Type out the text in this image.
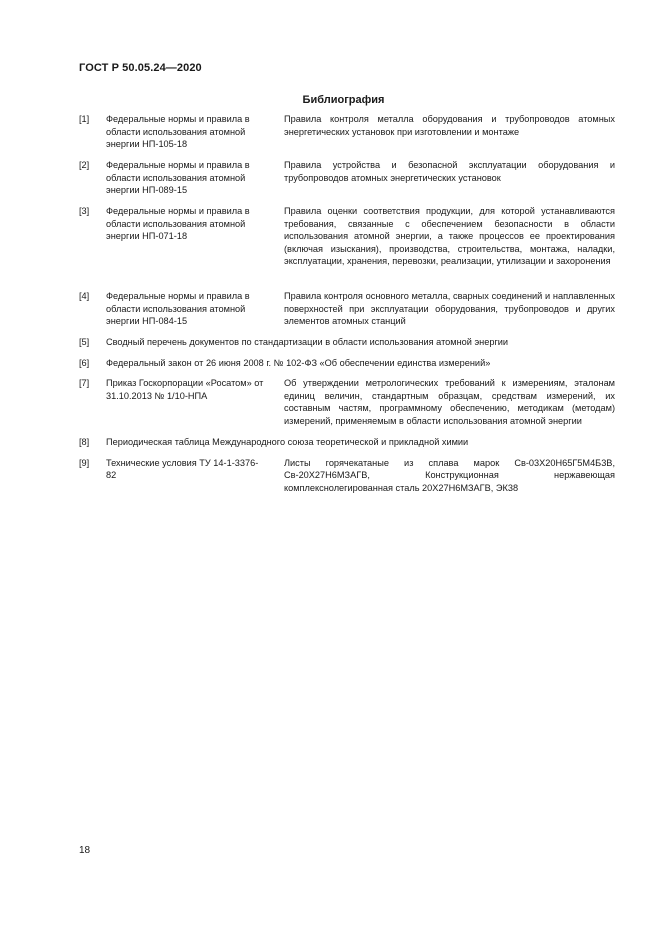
ГОСТ Р 50.05.24—2020
Библиография
[1] Федеральные нормы и правила в области использования атомной энергии НП-105-18
Правила контроля металла оборудования и трубопроводов атомных энергетических установок при изготовлении и монтаже
[2] Федеральные нормы и правила в области использования атомной энергии НП-089-15
Правила устройства и безопасной эксплуатации оборудования и трубопроводов атомных энергетических установок
[3] Федеральные нормы и правила в области использования атомной энергии НП-071-18
Правила оценки соответствия продукции, для которой устанавливаются требования, связанные с обеспечением безопасности в области использования атомной энергии, а также процессов ее проектирования (включая изыскания), производства, строительства, монтажа, наладки, эксплуатации, хранения, перевозки, реализации, утилизации и захоронения
[4] Федеральные нормы и правила в области использования атомной энергии НП-084-15
Правила контроля основного металла, сварных соединений и наплавленных поверхностей при эксплуатации оборудования, трубопроводов и других элементов атомных станций
[5] Сводный перечень документов по стандартизации в области использования атомной энергии
[6] Федеральный закон от 26 июня 2008 г. № 102-ФЗ «Об обеспечении единства измерений»
[7] Приказ Госкорпорации «Росатом» от 31.10.2013 № 1/10-НПА
Об утверждении метрологических требований к измерениям, эталонам единиц величин, стандартным образцам, средствам измерений, их составным частям, программному обеспечению, методикам (методам) измерений, применяемым в области использования атомной энергии
[8] Периодическая таблица Международного союза теоретической и прикладной химии
[9] Технические условия ТУ 14-1-3376-82
Листы горячекатаные из сплава марок Св-03Х20Н65Г5М4Б3В, Св-20Х27Н6МЗАГВ, Конструкционная нержавеющая комплекснолегированная сталь 20Х27Н6МЗАГВ, ЭК38
18
